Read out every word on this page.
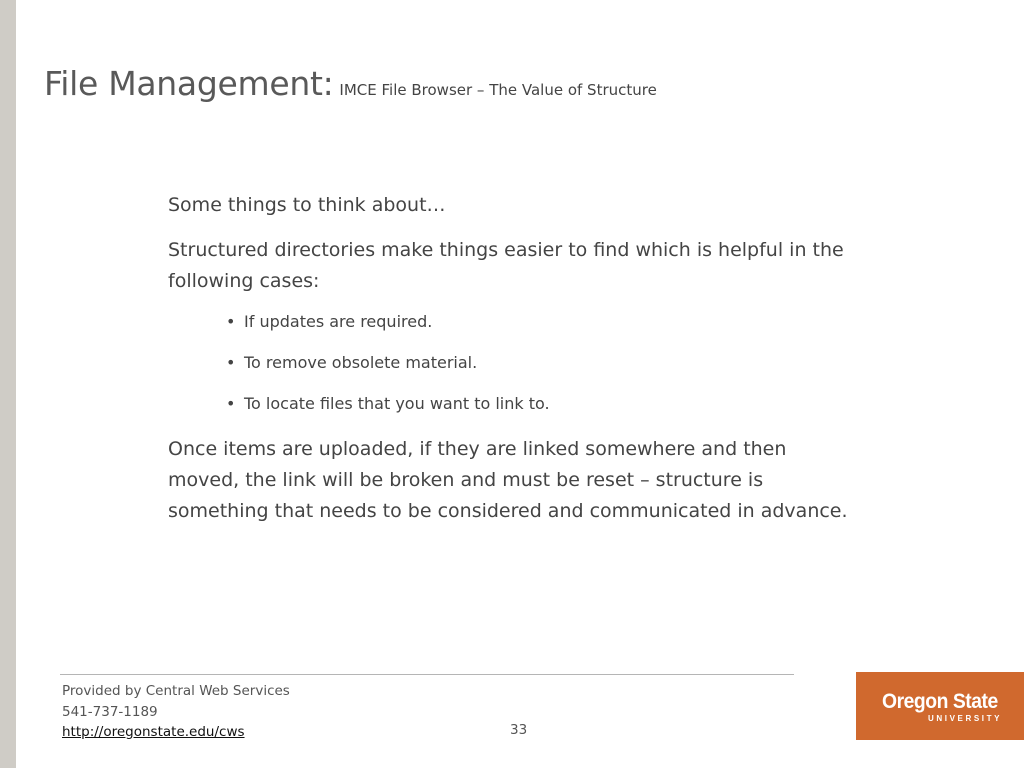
File Management: IMCE File Browser – The Value of Structure

Some things to think about…

Structured directories make things easier to find which is helpful in the following cases:

• If updates are required.
• To remove obsolete material.
• To locate files that you want to link to.

Once items are uploaded, if they are linked somewhere and then moved, the link will be broken and must be reset – structure is something that needs to be considered and communicated in advance.

Provided by Central Web Services
541-737-1189
http://oregonstate.edu/cws	33
Oregon State
UNIVERSITY
